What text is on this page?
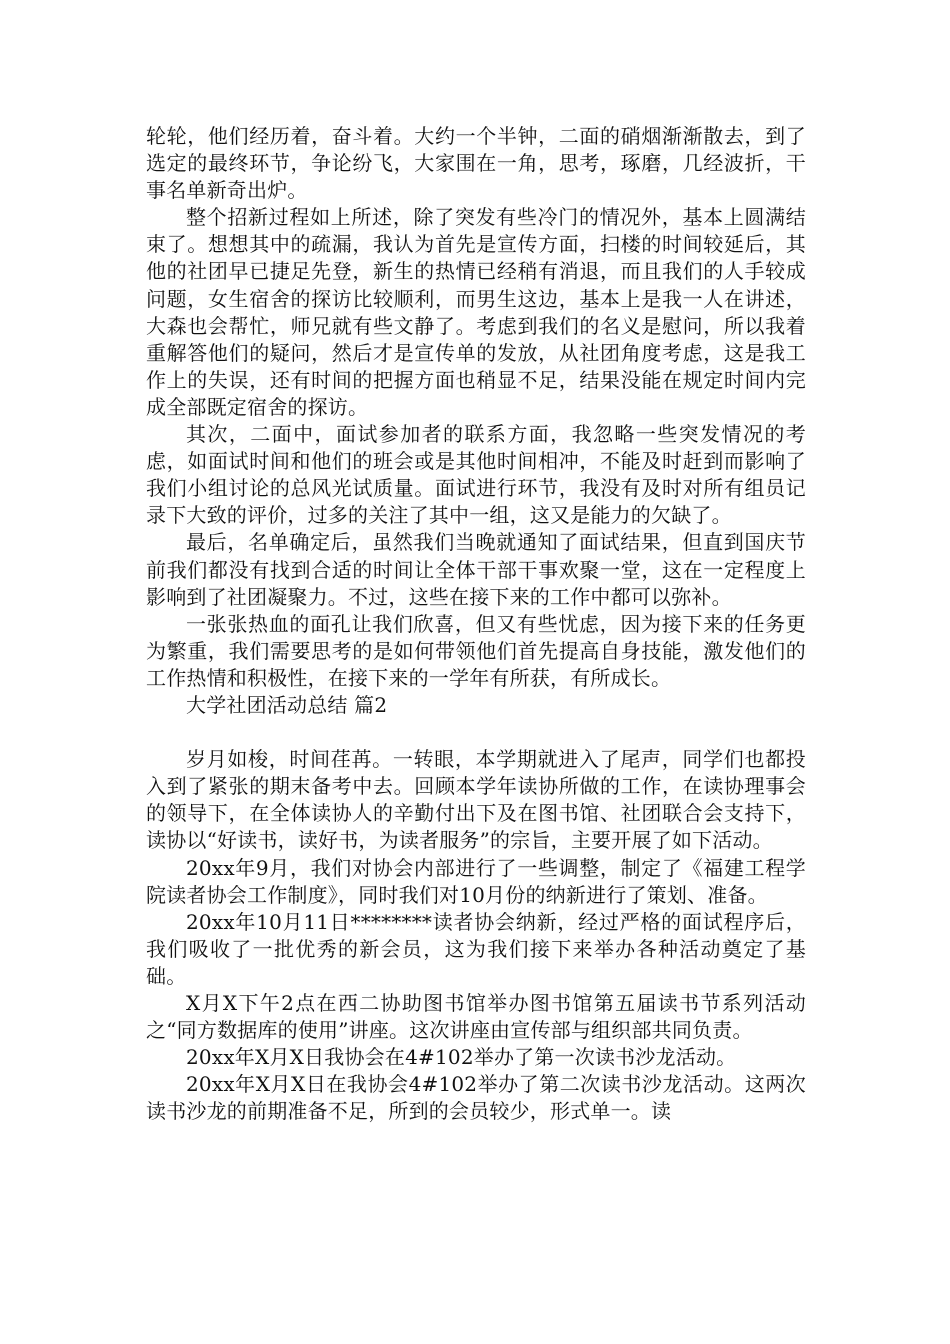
轮轮，他们经历着，奋斗着。大约一个半钟，二面的硝烟渐渐散去，到了选定的最终环节，争论纷飞，大家围在一角，思考，琢磨，几经波折，干事名单新奇出炉。

整个招新过程如上所述，除了突发有些冷门的情况外，基本上圆满结束了。想想其中的疏漏，我认为首先是宣传方面，扫楼的时间较延后，其他的社团早已捷足先登，新生的热情已经稍有消退，而且我们的人手较成问题，女生宿舍的探访比较顺利，而男生这边，基本上是我一人在讲述，大森也会帮忙，师兄就有些文静了。考虑到我们的名义是慰问，所以我着重解答他们的疑问，然后才是宣传单的发放，从社团角度考虑，这是我工作上的失误，还有时间的把握方面也稍显不足，结果没能在规定时间内完成全部既定宿舍的探访。

其次，二面中，面试参加者的联系方面，我忽略一些突发情况的考虑，如面试时间和他们的班会或是其他时间相冲，不能及时赶到而影响了我们小组讨论的总风光试质量。面试进行环节，我没有及时对所有组员记录下大致的评价，过多的关注了其中一组，这又是能力的欠缺了。

最后，名单确定后，虽然我们当晚就通知了面试结果，但直到国庆节前我们都没有找到合适的时间让全体干部干事欢聚一堂，这在一定程度上影响到了社团凝聚力。不过，这些在接下来的工作中都可以弥补。

一张张热血的面孔让我们欣喜，但又有些忧虑，因为接下来的任务更为繁重，我们需要思考的是如何带领他们首先提高自身技能，激发他们的工作热情和积极性，在接下来的一学年有所获，有所成长。

大学社团活动总结 篇2

岁月如梭，时间荏苒。一转眼，本学期就进入了尾声，同学们也都投入到了紧张的期末备考中去。回顾本学年读协所做的工作，在读协理事会的领导下，在全体读协人的辛勤付出下及在图书馆、社团联合会支持下，读协以“好读书，读好书，为读者服务”的宗旨，主要开展了如下活动。

20xx年9月，我们对协会内部进行了一些调整，制定了《福建工程学院读者协会工作制度》，同时我们对10月份的纳新进行了策划、准备。

20xx年10月11日********读者协会纳新，经过严格的面试程序后，我们吸收了一批优秀的新会员，这为我们接下来举办各种活动奠定了基础。

X月X下午2点在西二协助图书馆举办图书馆第五届读书节系列活动之“同方数据库的使用”讲座。这次讲座由宣传部与组织部共同负责。

20xx年X月X日我协会在4#102举办了第一次读书沙龙活动。

20xx年X月X日在我协会4#102举办了第二次读书沙龙活动。这两次读书沙龙的前期准备不足，所到的会员较少，形式单一。读
